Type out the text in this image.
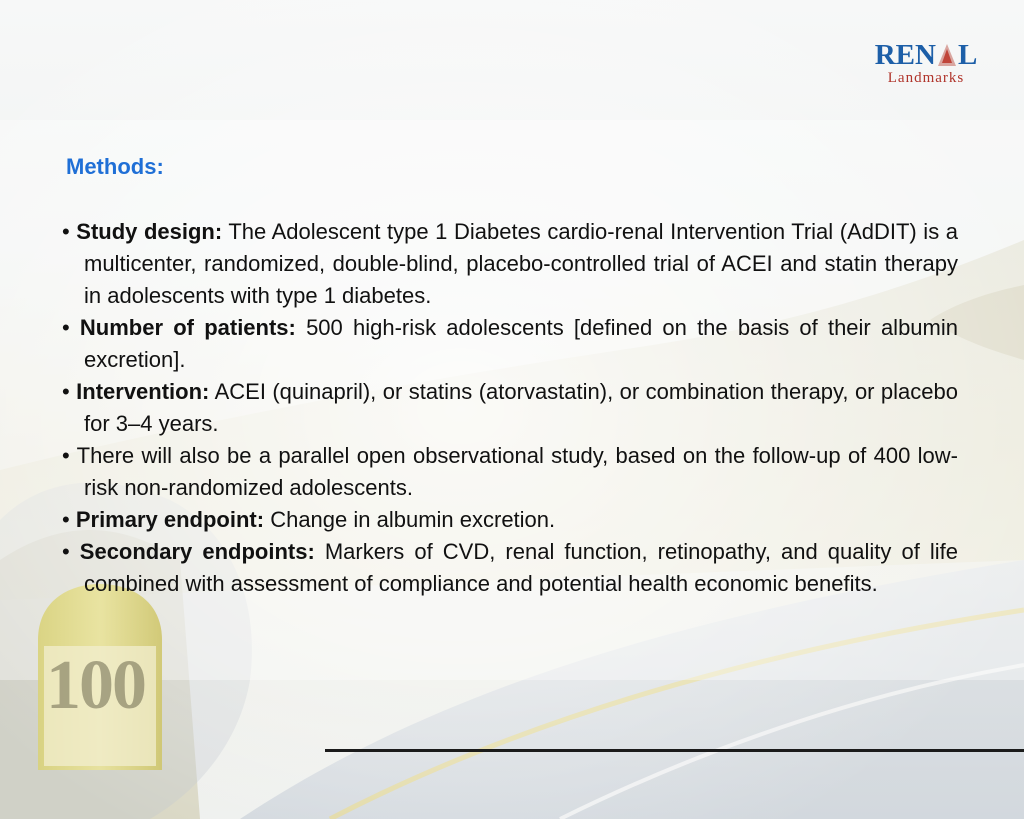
100
REN L
Landmarks
Methods:

• Study design: The Adolescent type 1 Diabetes cardio-renal Intervention Trial (AdDIT) is a multicenter, randomized, double-blind, placebo-controlled trial of ACEI and statin therapy in adolescents with type 1 diabetes.

• Number of patients: 500 high-risk adolescents [defined on the basis of their albumin excretion].

• Intervention: ACEI (quinapril), or statins (atorvastatin), or combination therapy, or placebo for 3–4 years.

• There will also be a parallel open observational study, based on the follow-up of 400 low-risk non-randomized adolescents.

• Primary endpoint: Change in albumin excretion.

• Secondary endpoints: Markers of CVD, renal function, retinopathy, and quality of life combined with assessment of compliance and potential health economic benefits.
